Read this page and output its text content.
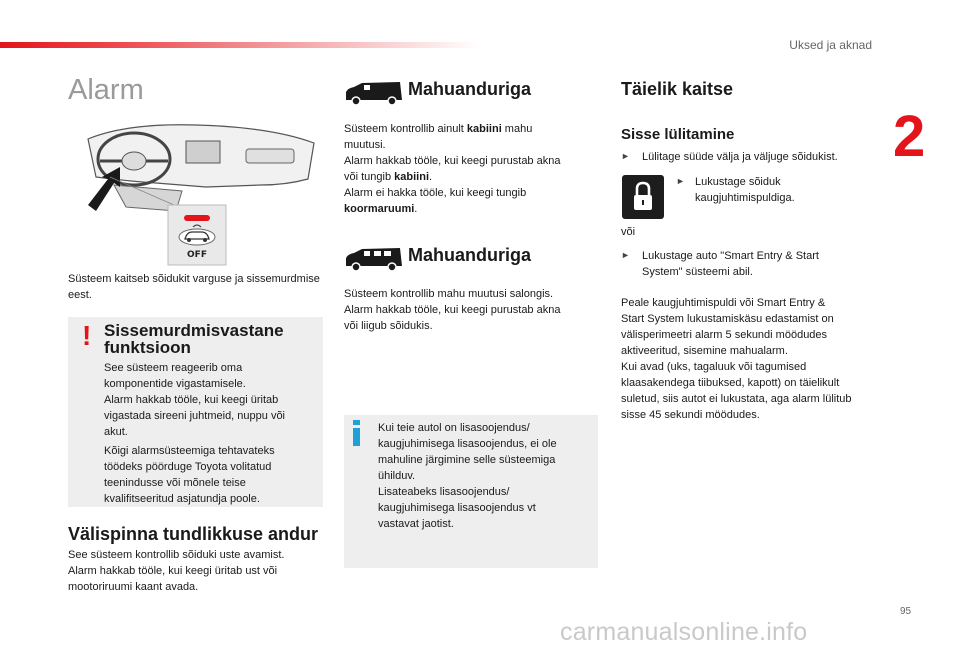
Uksed ja aknad
2
Alarm
OFF
Süsteem kaitseb sõidukit varguse ja sissemurdmise eest.
! Sissemurdmisvastane
funktsioon
See süsteem reageerib oma
komponentide vigastamisele.
Alarm hakkab tööle, kui keegi üritab
vigastada sireeni juhtmeid, nuppu või
akut.
Kõigi alarmsüsteemiga tehtavateks
töödeks pöörduge Toyota volitatud
teenindusse või mõnele teise
kvalifitseeritud asjatundja poole.
Välispinna tundlikkuse andur
See süsteem kontrollib sõiduki uste avamist.
Alarm hakkab tööle, kui keegi üritab ust või
mootoriruumi kaant avada.
Mahuanduriga
Süsteem kontrollib ainult kabiini mahu
muutusi.
Alarm hakkab tööle, kui keegi purustab akna
või tungib kabiini.
Alarm ei hakka tööle, kui keegi tungib
koormaruumi.
Mahuanduriga
Süsteem kontrollib mahu muutusi salongis.
Alarm hakkab tööle, kui keegi purustab akna
või liigub sõidukis.
Kui teie autol on lisasoojendus/
kaugjuhimisega lisasoojendus, ei ole
mahuline järgimine selle süsteemiga
ühilduv.
Lisateabeks lisasoojendus/
kaugjuhimisega lisasoojendus vt
vastavat jaotist.
Täielik kaitse
Sisse lülitamine
► Lülitage süüde välja ja väljuge sõidukist.
► Lukustage sõiduk
kaugjuhtimispuldiga.
või
► Lukustage auto "Smart Entry & Start
System" süsteemi abil.
Peale kaugjuhtimispuldi või Smart Entry &
Start System lukustamiskäsu edastamist on
välisperimeetri alarm 5 sekundi möödudes
aktiveeritud, sisemine mahualarm.
Kui avad (uks, tagaluuk või tagumised
klaasakendega tiibuksed, kapott) on täielikult
suletud, siis autot ei lukustata, aga alarm lülitub
sisse 45 sekundi möödudes.
95
carmanualsonline.info
